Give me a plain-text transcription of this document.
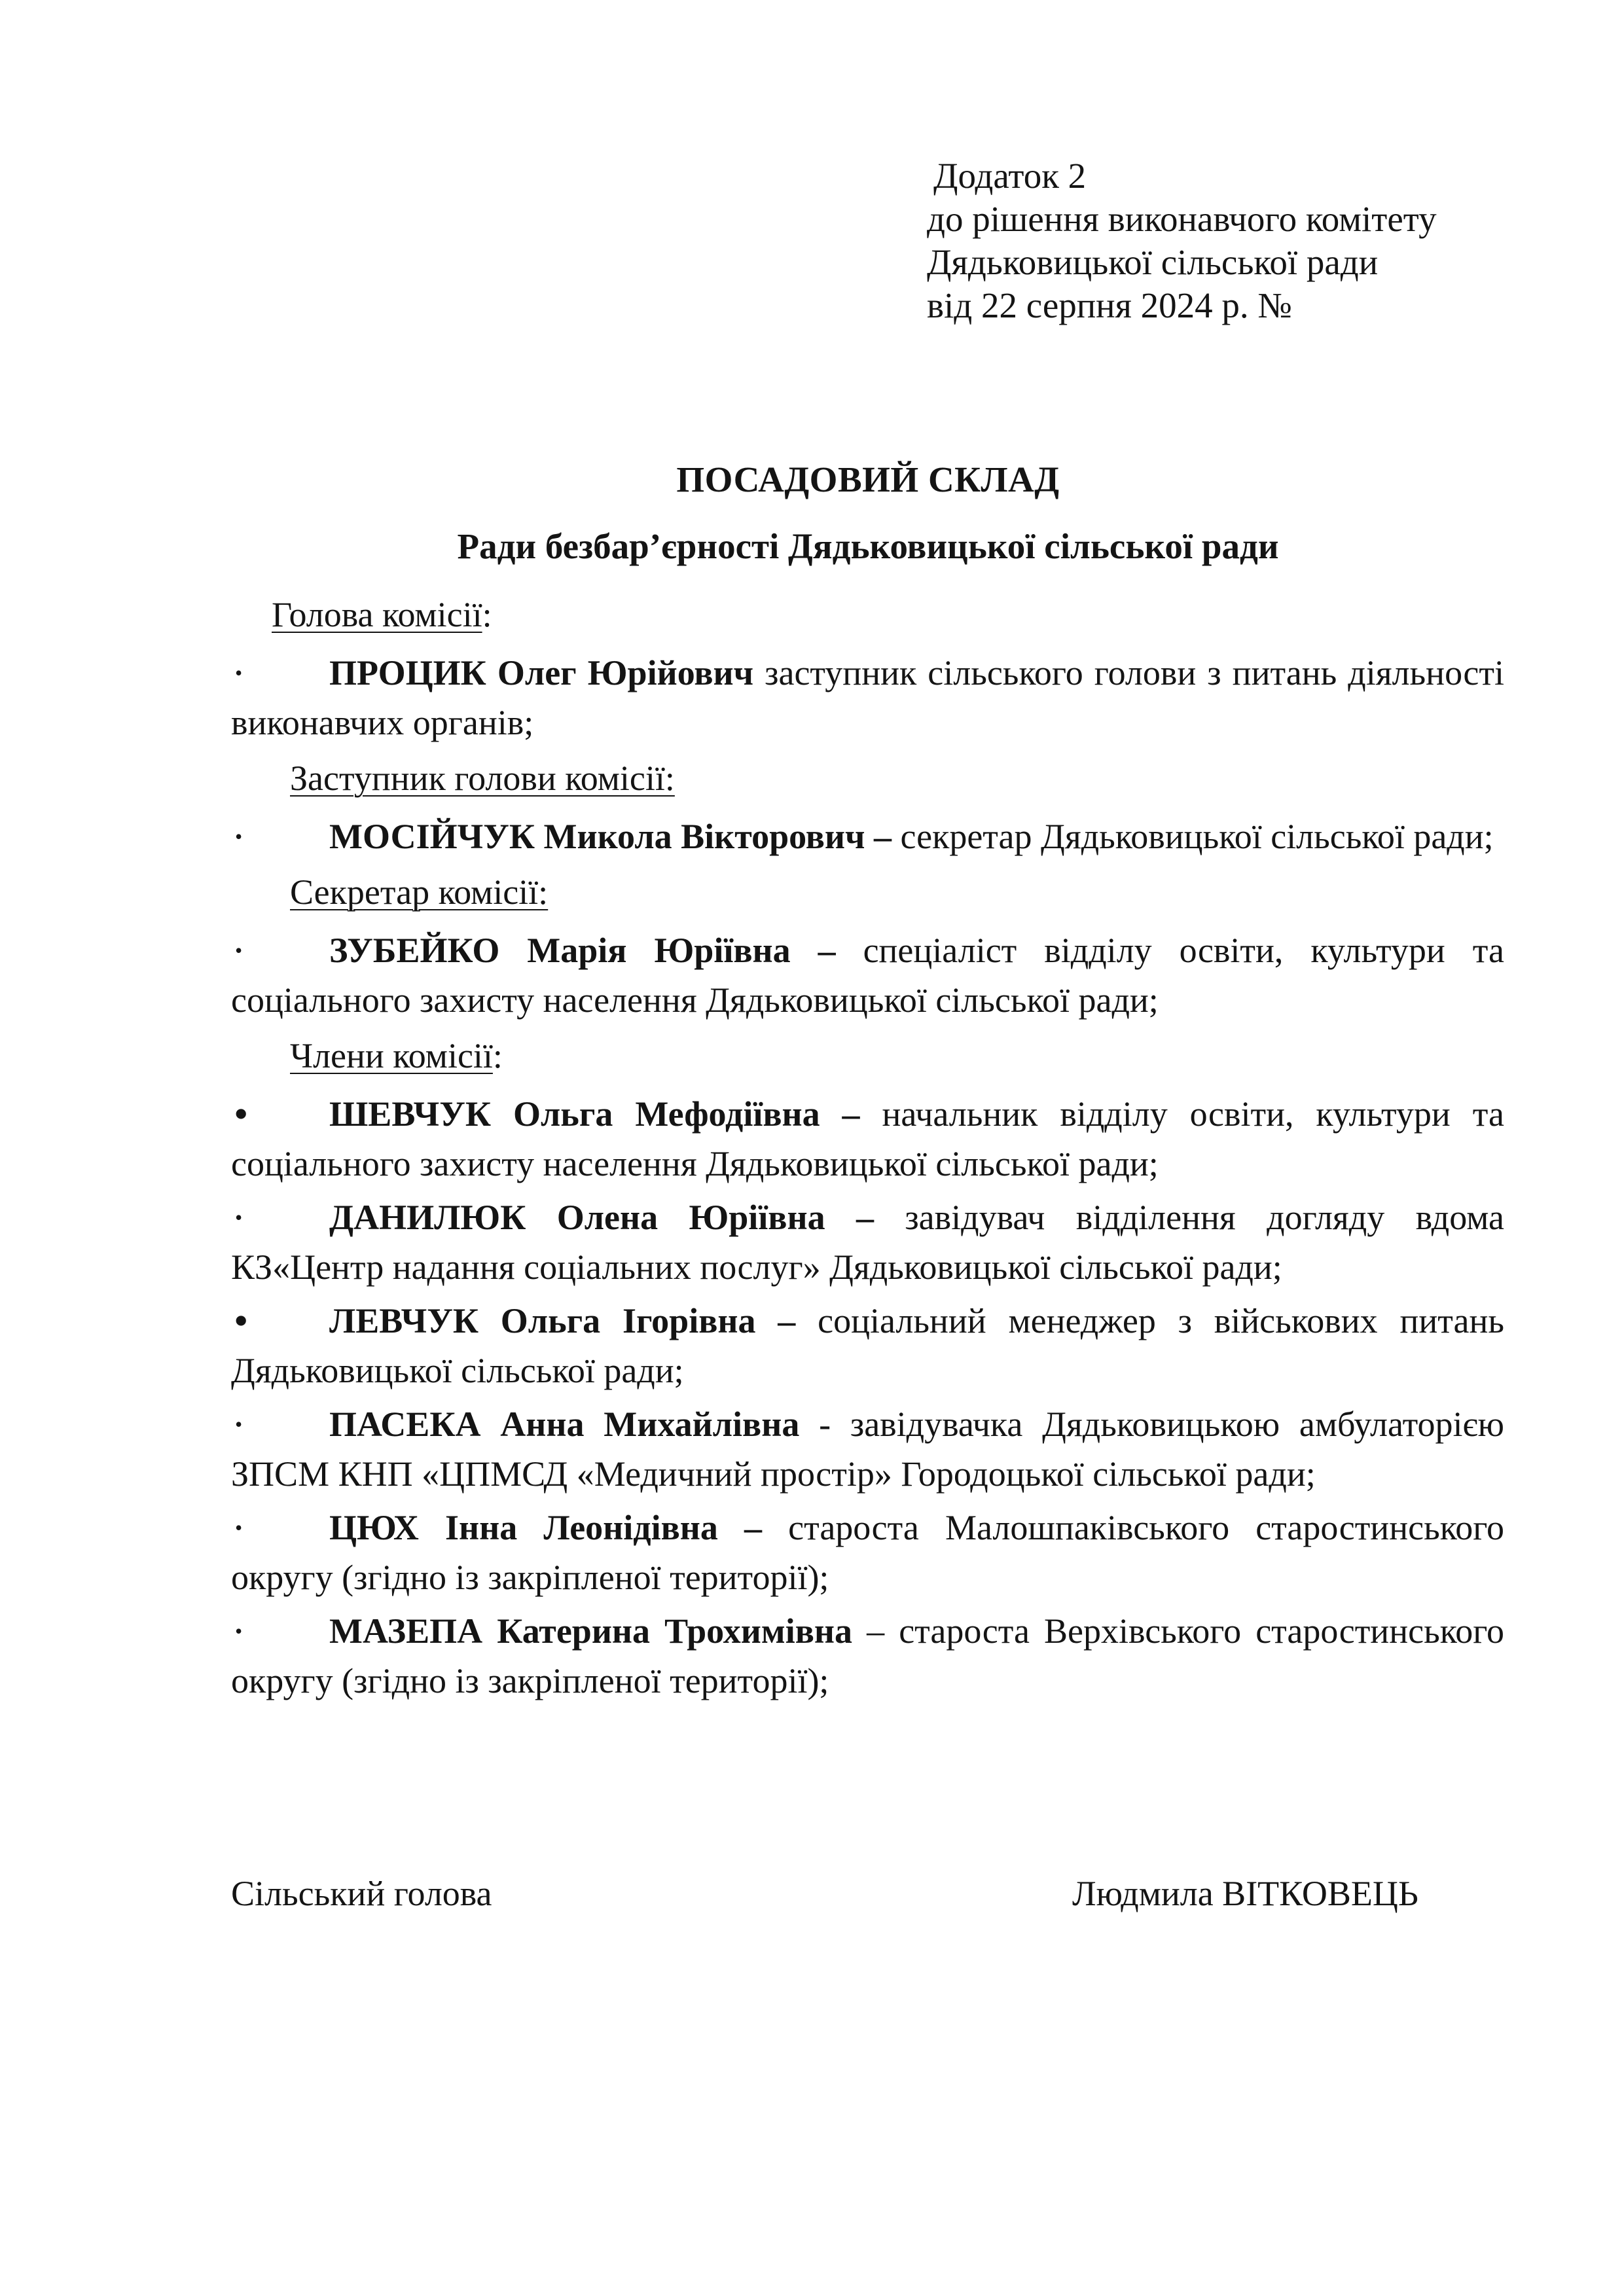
Додаток 2
до рішення виконавчого комітету
Дядьковицької сільської ради
від 22 серпня 2024 р. №
ПОСАДОВИЙ СКЛАД
Ради безбар’єрності Дядьковицької сільської ради
Голова комісії:
• ПРОЦИК Олег Юрійович заступник сільського голови з питань діяльності виконавчих органів;
Заступник голови комісії:
• МОСІЙЧУК Микола Вікторович – секретар Дядьковицької сільської ради;
Секретар комісії:
• ЗУБЕЙКО Марія Юріївна – спеціаліст відділу освіти, культури та соціального захисту населення Дядьковицької сільської ради;
Члени комісії:
• ШЕВЧУК Ольга Мефодіївна – начальник відділу освіти, культури та соціального захисту населення Дядьковицької сільської ради;
• ДАНИЛЮК Олена Юріївна – завідувач відділення догляду вдома КЗ«Центр надання соціальних послуг» Дядьковицької сільської ради;
• ЛЕВЧУК Ольга Ігорівна – соціальний менеджер з військових питань Дядьковицької сільської ради;
• ПАСЕКА Анна Михайлівна - завідувачка Дядьковицькою амбулаторією ЗПСМ КНП «ЦПМСД «Медичний простір» Городоцької сільської ради;
• ЦЮХ Інна Леонідівна – староста Малошпаківського старостинського округу (згідно із закріпленої території);
• МАЗЕПА Катерина Трохимівна – староста Верхівського старостинського округу (згідно із закріпленої території);
Сільський голова	Людмила ВІТКОВЕЦЬ
